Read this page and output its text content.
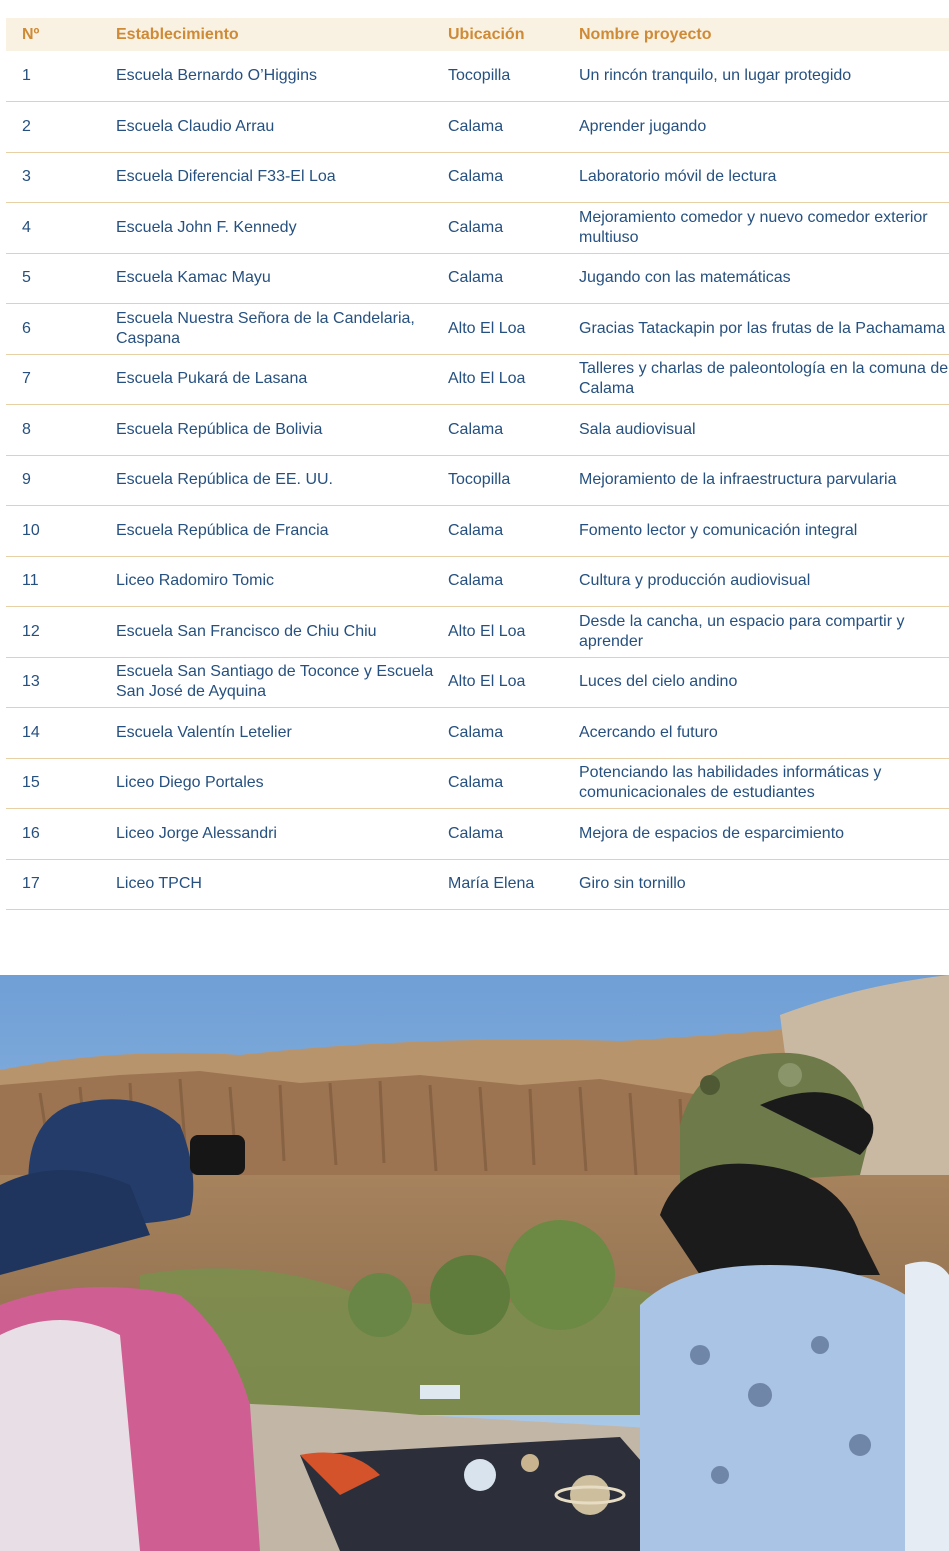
Nº	Establecimiento	Ubicación	Nombre proyecto
1	Escuela Bernardo O’Higgins	Tocopilla	Un rincón tranquilo, un lugar protegido
2	Escuela Claudio Arrau	Calama	Aprender jugando
3	Escuela Diferencial F33-El Loa	Calama	Laboratorio móvil de lectura
4	Escuela John F. Kennedy	Calama	Mejoramiento comedor y nuevo comedor exterior multiuso
5	Escuela Kamac Mayu	Calama	Jugando con las matemáticas
6	Escuela Nuestra Señora de la Candelaria, Caspana	Alto El Loa	Gracias Tatackapin por las frutas de la Pachamama
7	Escuela Pukará de Lasana	Alto El Loa	Talleres y charlas de paleontología en la comuna de Calama
8	Escuela República de Bolivia	Calama	Sala audiovisual
9	Escuela República de EE. UU.	Tocopilla	Mejoramiento de la infraestructura parvularia
10	Escuela República de Francia	Calama	Fomento lector y comunicación integral
11	Liceo Radomiro Tomic	Calama	Cultura y producción audiovisual
12	Escuela San Francisco de Chiu Chiu	Alto El Loa	Desde la cancha, un espacio para compartir y aprender
13	Escuela San Santiago de Toconce y Escuela San José de Ayquina	Alto El Loa	Luces del cielo andino
14	Escuela Valentín Letelier	Calama	Acercando el futuro
15	Liceo Diego Portales	Calama	Potenciando las habilidades informáticas y comunicacionales de estudiantes
16	Liceo Jorge Alessandri	Calama	Mejora de espacios de esparcimiento
17	Liceo TPCH	María Elena	Giro sin tornillo
